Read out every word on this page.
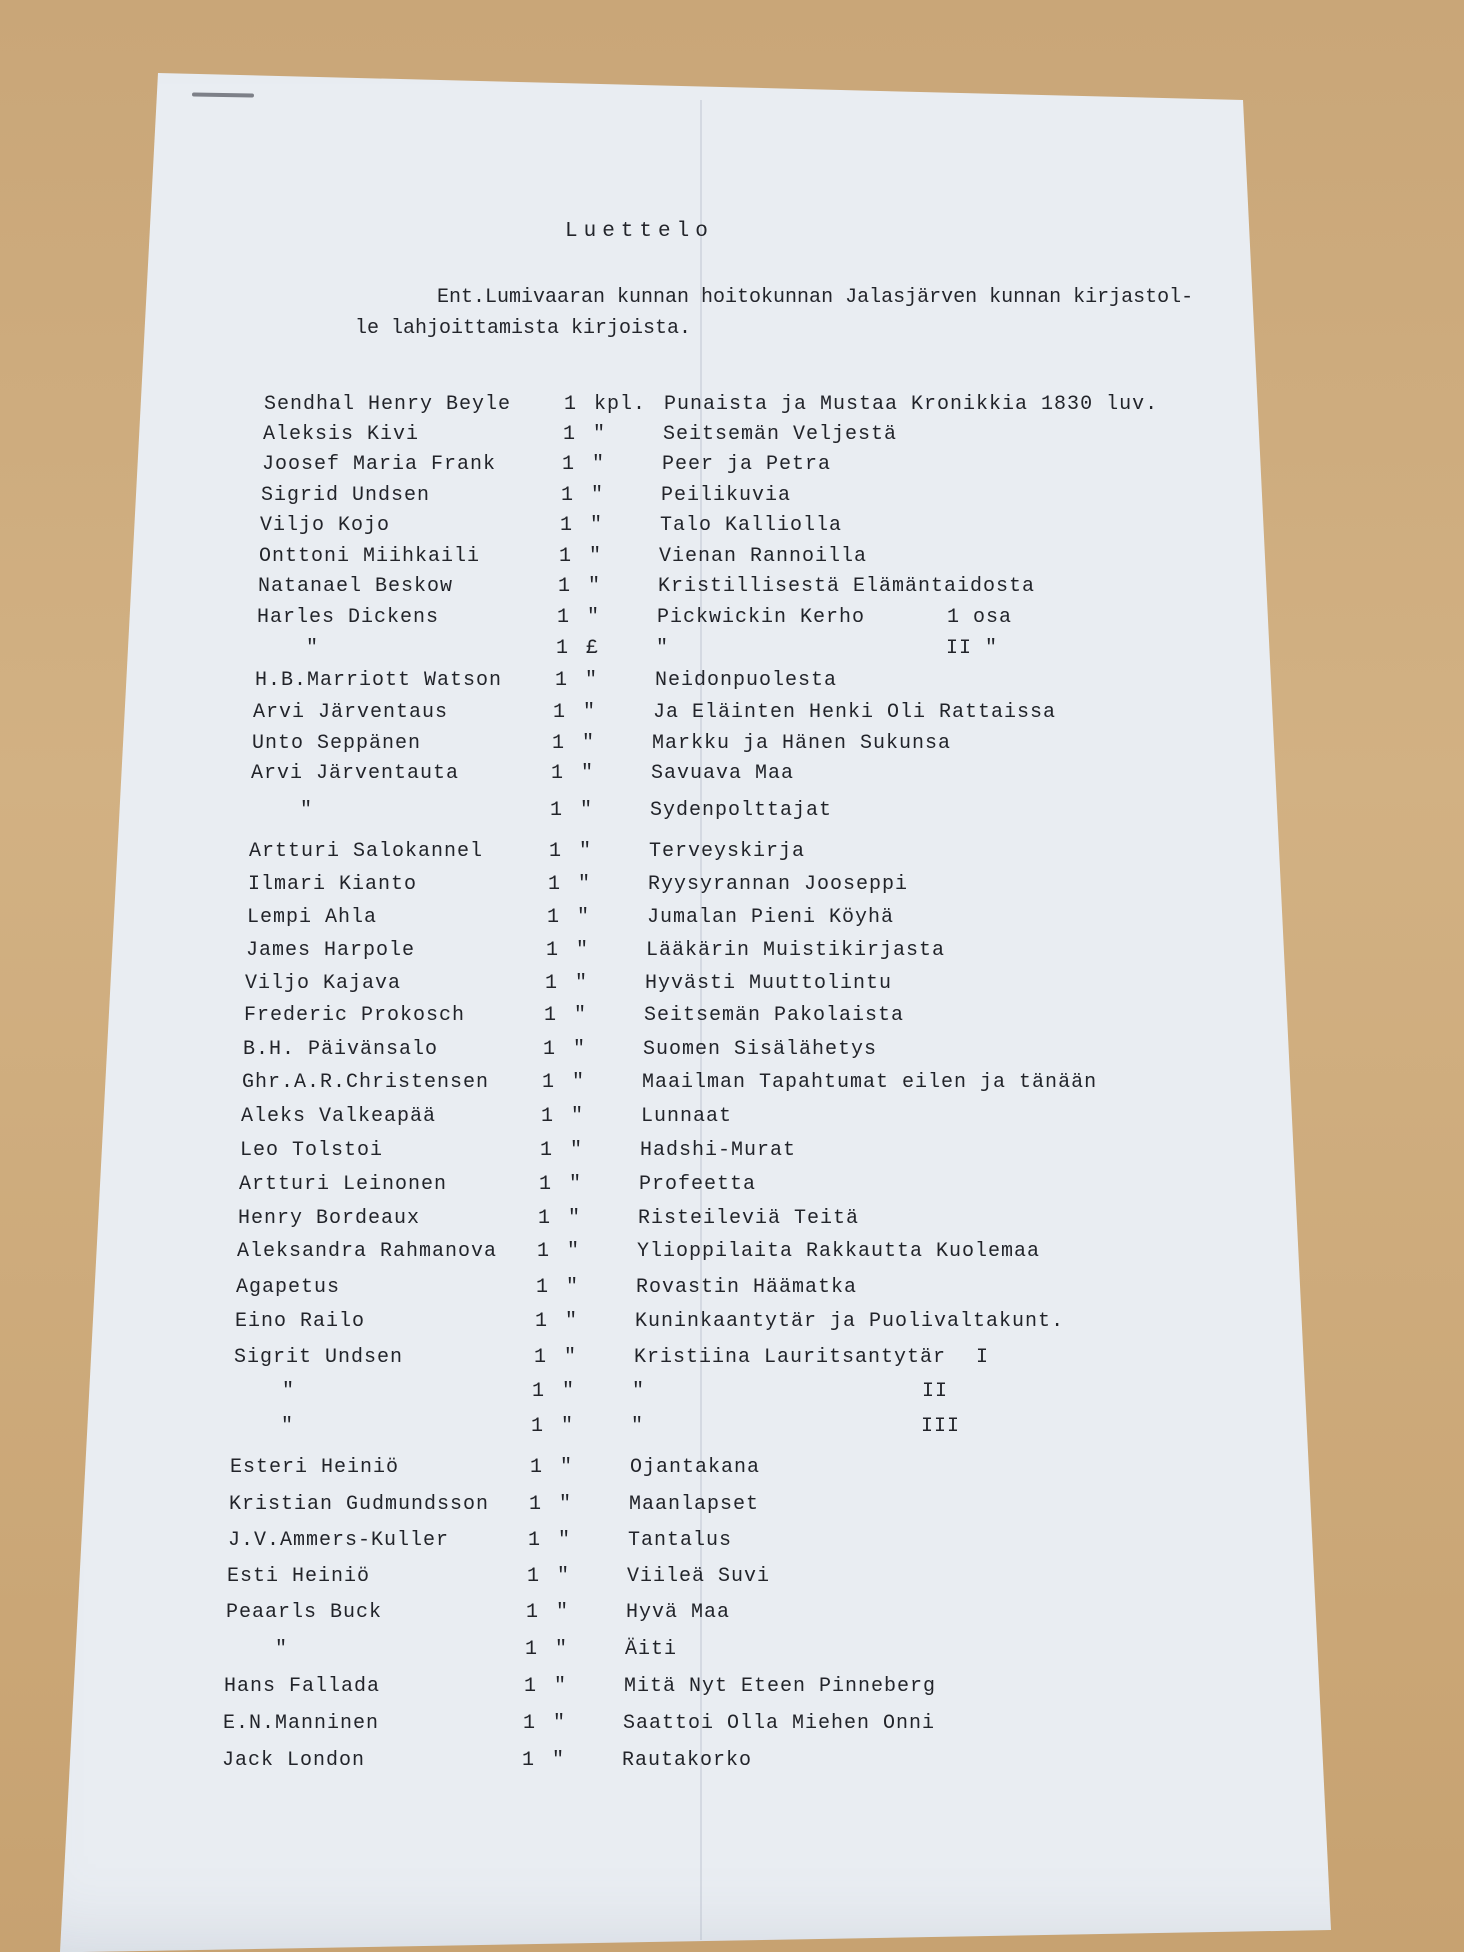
Luettelo
Ent.Lumivaaran kunnan hoitokunnan Jalasjärven kunnan kirjastol-
le lahjoittamista kirjoista.
Sendhal Henry Beyle	1 kpl. Punaista ja Mustaa Kronikkia 1830 luv.
Aleksis Kivi	1 "	Seitsemän Veljestä
Joosef Maria Frank	1 "	Peer ja Petra
Sigrid Undsen	1 "	Peilikuvia
Viljo Kojo	1 "	Talo Kalliolla
Onttoni Miihkaili	1 "	Vienan Rannoilla
Natanael Beskow	1 "	Kristillisestä Elämäntaidosta
Harles Dickens	1 "	Pickwickin Kerho	1 osa
"	1 £	"	II "
H.B.Marriott Watson	1 "	Neidonpuolesta
Arvi Järventaus	1 "	Ja Eläinten Henki Oli Rattaissa
Unto Seppänen	1 "	Markku ja Hänen Sukunsa
Arvi Järventauta	1 "	Savuava Maa
"	1 "	Sydenpolttajat
Artturi Salokannel	1 "	Terveyskirja
Ilmari Kianto	1 "	Ryysyrannan Jooseppi
Lempi Ahla	1 "	Jumalan Pieni Köyhä
James Harpole	1 "	Lääkärin Muistikirjasta
Viljo Kajava	1 "	Hyvästi Muuttolintu
Frederic Prokosch	1 "	Seitsemän Pakolaista
B.H. Päivänsalo	1 "	Suomen Sisälähetys
Ghr.A.R.Christensen	1 "	Maailman Tapahtumat eilen ja tänään
Aleks Valkeapää	1 "	Lunnaat
Leo Tolstoi	1 "	Hadshi-Murat
Artturi Leinonen	1 "	Profeetta
Henry Bordeaux	1 "	Risteileviä Teitä
Aleksandra Rahmanova 1 "	Ylioppilaita Rakkautta Kuolemaa
Agapetus	1 "	Rovastin Häämatka
Eino Railo	1 "	Kuninkaantytär ja Puolivaltakunt.
Sigrit Undsen	1 "	Kristiina Lauritsantytär I
"	1 "	"	II
"	1 "	"	III
Esteri Heiniö	1 "	Ojantakana
Kristian Gudmundsson 1 "	Maanlapset
J.V.Ammers-Kuller	1 "	Tantalus
Esti Heiniö	1 "	Viileä Suvi
Peaarls Buck	1 "	Hyvä Maa
"	1 "	Äiti
Hans Fallada	1 "	Mitä Nyt Eteen Pinneberg
E.N.Manninen	1 "	Saattoi Olla Miehen Onni
Jack London	1 "	Rautakorko
